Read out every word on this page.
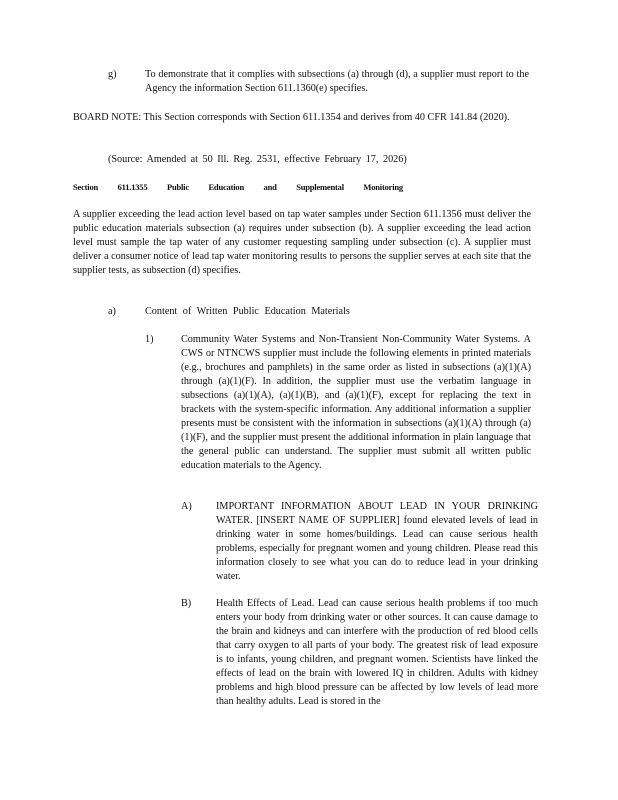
g)	To demonstrate that it complies with subsections (a) through (d), a supplier must report to the Agency the information Section 611.1360(e) specifies.

BOARD NOTE: This Section corresponds with Section 611.1354 and derives from 40 CFR 141.84 (2020).

(Source: Amended at 50 Ill. Reg. 2531, effective February 17, 2026)

Section 611.1355 Public Education and Supplemental Monitoring

A supplier exceeding the lead action level based on tap water samples under Section 611.1356 must deliver the public education materials subsection (a) requires under subsection (b). A supplier exceeding the lead action level must sample the tap water of any customer requesting sampling under subsection (c). A supplier must deliver a consumer notice of lead tap water monitoring results to persons the supplier serves at each site that the supplier tests, as subsection (d) specifies.

a)	Content of Written Public Education Materials

1)	Community Water Systems and Non-Transient Non-Community Water Systems. A CWS or NTNCWS supplier must include the following elements in printed materials (e.g., brochures and pamphlets) in the same order as listed in subsections (a)(1)(A) through (a)(1)(F). In addition, the supplier must use the verbatim language in subsections (a)(1)(A), (a)(1)(B), and (a)(1)(F), except for replacing the text in brackets with the system-specific information. Any additional information a supplier presents must be consistent with the information in subsections (a)(1)(A) through (a)(1)(F), and the supplier must present the additional information in plain language that the general public can understand. The supplier must submit all written public education materials to the Agency.

A) IMPORTANT INFORMATION ABOUT LEAD IN YOUR DRINKING WATER. [INSERT NAME OF SUPPLIER] found elevated levels of lead in drinking water in some homes/buildings. Lead can cause serious health problems, especially for pregnant women and young children. Please read this information closely to see what you can do to reduce lead in your drinking water.

B) Health Effects of Lead. Lead can cause serious health problems if too much enters your body from drinking water or other sources. It can cause damage to the brain and kidneys and can interfere with the production of red blood cells that carry oxygen to all parts of your body. The greatest risk of lead exposure is to infants, young children, and pregnant women. Scientists have linked the effects of lead on the brain with lowered IQ in children. Adults with kidney problems and high blood pressure can be affected by low levels of lead more than healthy adults. Lead is stored in the
